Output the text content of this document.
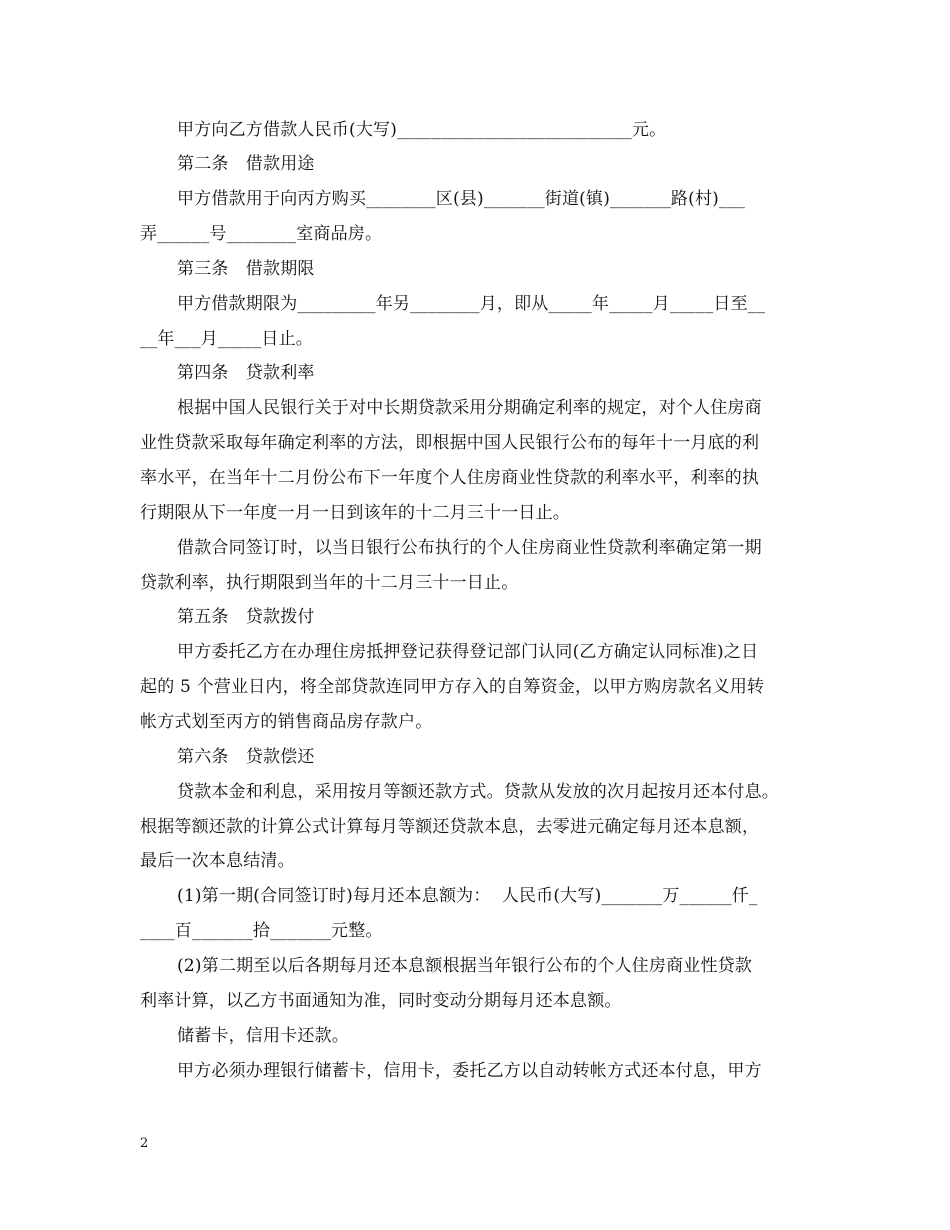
甲方向乙方借款人民币(大写)___________________________元。
第二条　借款用途
甲方借款用于向丙方购买________区(县)_______街道(镇)_______路(村)___
弄______号________室商品房。
第三条　借款期限
甲方借款期限为_________年另________月，即从_____年_____月_____日至__
__年___月_____日止。
第四条　贷款利率
根据中国人民银行关于对中长期贷款采用分期确定利率的规定，对个人住房商
业性贷款采取每年确定利率的方法，即根据中国人民银行公布的每年十一月底的利
率水平，在当年十二月份公布下一年度个人住房商业性贷款的利率水平，利率的执
行期限从下一年度一月一日到该年的十二月三十一日止。
借款合同签订时，以当日银行公布执行的个人住房商业性贷款利率确定第一期
贷款利率，执行期限到当年的十二月三十一日止。
第五条　贷款拨付
甲方委托乙方在办理住房抵押登记获得登记部门认同(乙方确定认同标准)之日
起的 5 个营业日内，将全部贷款连同甲方存入的自筹资金，以甲方购房款名义用转
帐方式划至丙方的销售商品房存款户。
第六条　贷款偿还
贷款本金和利息，采用按月等额还款方式。贷款从发放的次月起按月还本付息。
根据等额还款的计算公式计算每月等额还贷款本息，去零进元确定每月还本息额，
最后一次本息结清。
(1)第一期(合同签订时)每月还本息额为：  人民币(大写)_______万______仟_
____百_______拾_______元整。
(2)第二期至以后各期每月还本息额根据当年银行公布的个人住房商业性贷款
利率计算，以乙方书面通知为准，同时变动分期每月还本息额。
储蓄卡，信用卡还款。
甲方必须办理银行储蓄卡，信用卡，委托乙方以自动转帐方式还本付息，甲方
2
